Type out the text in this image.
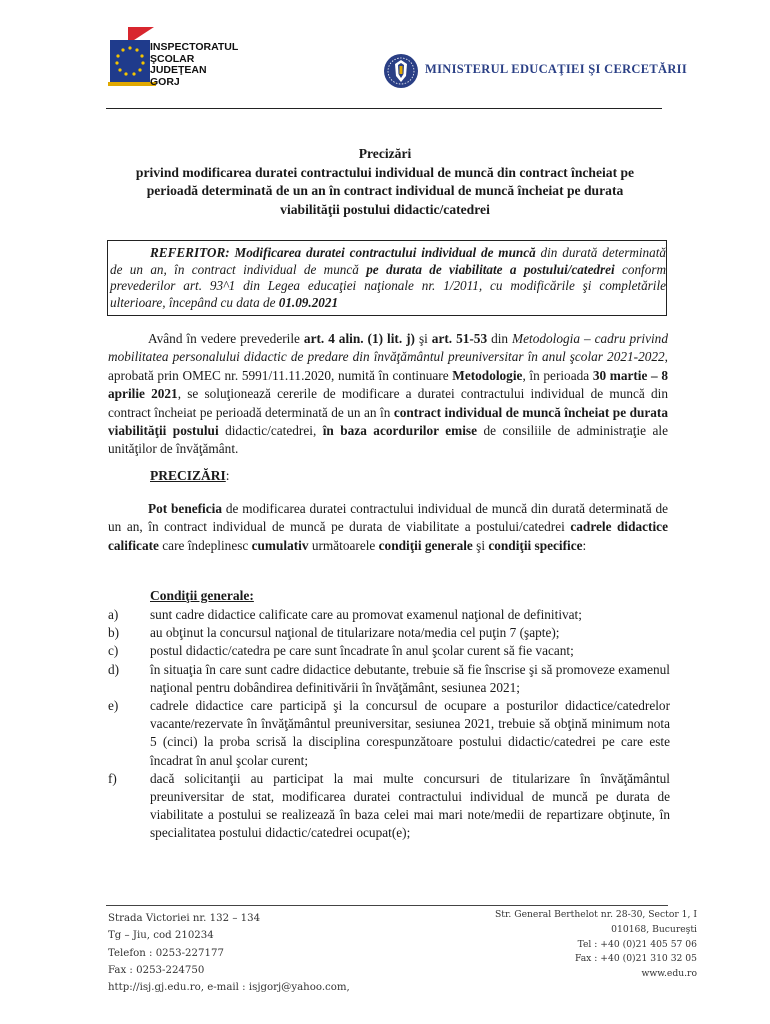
INSPECTORATUL
ŞCOLAR
JUDEŢEAN
GORJ
MINISTERUL EDUCAŢIEI ŞI CERCETĂRII
Precizări
privind modificarea duratei contractului individual de muncă din contract încheiat pe
perioadă determinată de un an în contract individual de muncă încheiat pe durata
viabilităţii postului didactic/catedrei
REFERITOR: Modificarea duratei contractului individual de muncă din durată determinată de un an, în contract individual de muncă pe durata de viabilitate a postului/catedrei conform prevederilor art. 93^1 din Legea educaţiei naţionale nr. 1/2011, cu modificările şi completările ulterioare, începând cu data de 01.09.2021
Având în vedere prevederile art. 4 alin. (1) lit. j) şi art. 51-53 din Metodologia – cadru privind mobilitatea personalului didactic de predare din învăţământul preuniversitar în anul şcolar 2021-2022, aprobată prin OMEC nr. 5991/11.11.2020, numită în continuare Metodologie, în perioada 30 martie – 8 aprilie 2021, se soluţionează cererile de modificare a duratei contractului individual de muncă din contract încheiat pe perioadă determinată de un an în contract individual de muncă încheiat pe durata viabilităţii postului didactic/catedrei, în baza acordurilor emise de consiliile de administraţie ale unităţilor de învăţământ.
PRECIZĂRI:
Pot beneficia de modificarea duratei contractului individual de muncă din durată determinată de un an, în contract individual de muncă pe durata de viabilitate a postului/catedrei cadrele didactice calificate care îndeplinesc cumulativ următoarele condiţii generale şi condiţii specifice:
Condiţii generale:
a)	sunt cadre didactice calificate care au promovat examenul naţional de definitivat;
b)	au obţinut la concursul naţional de titularizare nota/media cel puţin 7 (şapte);
c)	postul didactic/catedra pe care sunt încadrate în anul şcolar curent să fie vacant;
d)	în situaţia în care sunt cadre didactice debutante, trebuie să fie înscrise şi să promoveze examenul naţional pentru dobândirea definitivării în învăţământ, sesiunea 2021;
e)	cadrele didactice care participă şi la concursul de ocupare a posturilor didactice/catedrelor vacante/rezervate în învăţământul preuniversitar, sesiunea 2021, trebuie să obţină minimum nota 5 (cinci) la proba scrisă la disciplina corespunzătoare postului didactic/catedrei pe care este încadrat în anul şcolar curent;
f)	dacă solicitanţii au participat la mai multe concursuri de titularizare în învăţământul preuniversitar de stat, modificarea duratei contractului individual de muncă pe durata de viabilitate a postului se realizează în baza celei mai mari note/medii de repartizare obţinute, în specialitatea postului didactic/catedrei ocupat(e);
Strada Victoriei nr. 132 – 134
Tg – Jiu, cod 210234
Telefon : 0253-227177
Fax : 0253-224750
http://isj.gj.edu.ro, e-mail : isjgorj@yahoo.com,
Str. General Berthelot nr. 28-30, Sector 1, I
010168, Bucureşti
Tel : +40 (0)21 405 57 06
Fax : +40 (0)21 310 32 05
www.edu.ro
